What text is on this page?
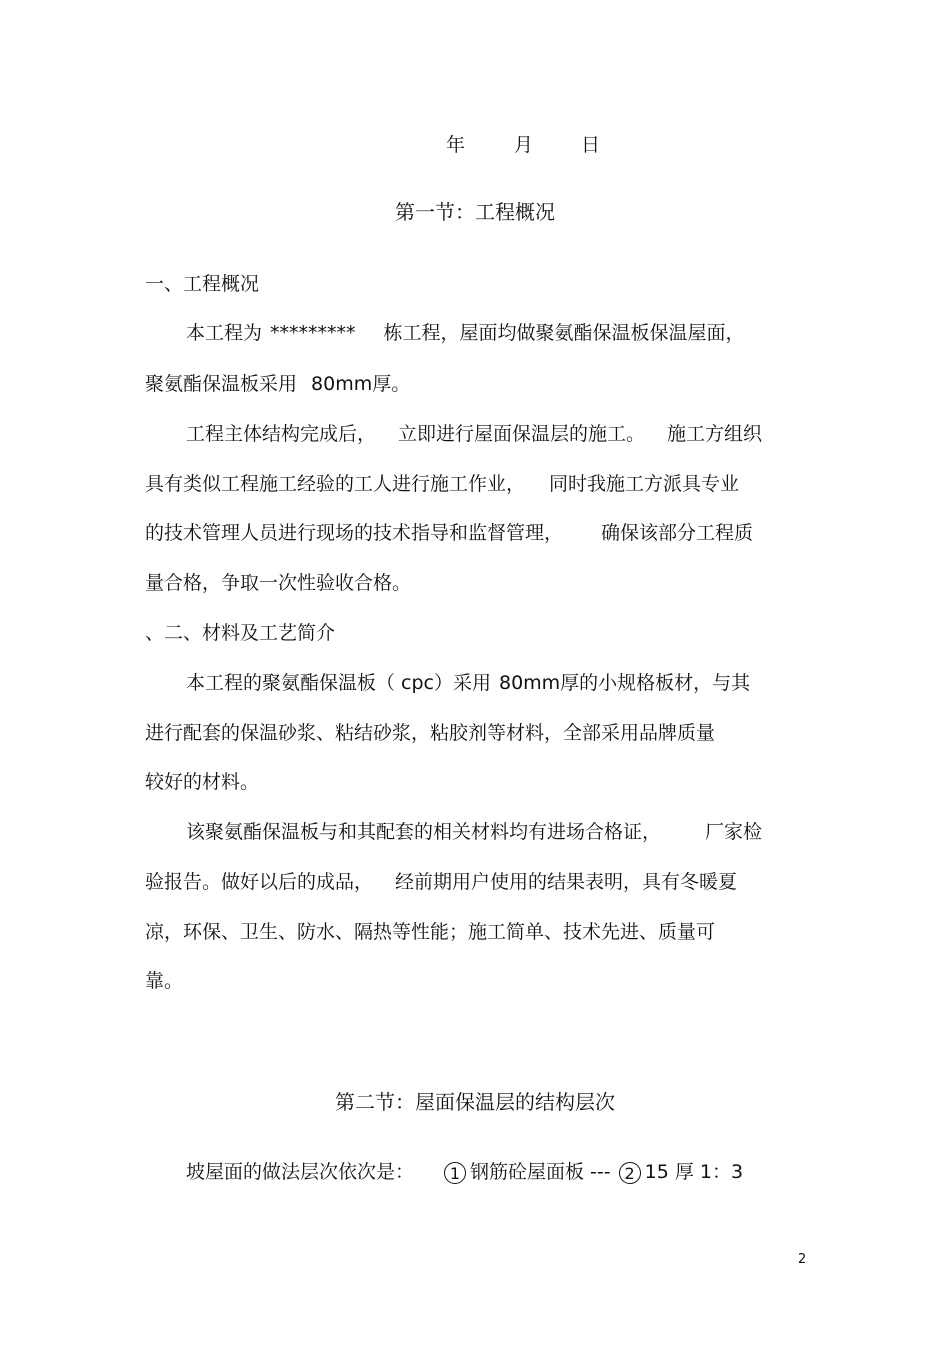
年	月	日
第一节：工程概况
一、工程概况
本工程为 ********* 栋工程，屋面均做聚氨酯保温板保温屋面，
聚氨酯保温板采用 80mm厚。
工程主体结构完成后， 立即进行屋面保温层的施工。 施工方组织
具有类似工程施工经验的工人进行施工作业， 同时我施工方派具专业
的技术管理人员进行现场的技术指导和监督管理， 确保该部分工程质
量合格，争取一次性验收合格。
、二、材料及工艺简介
本工程的聚氨酯保温板（ cpc）采用 80mm厚的小规格板材，与其
进行配套的保温砂浆、粘结砂浆，粘胶剂等材料，全部采用品牌质量
较好的材料。
该聚氨酯保温板与和其配套的相关材料均有进场合格证， 厂家检
验报告。做好以后的成品， 经前期用户使用的结果表明，具有冬暖夏
凉，环保、卫生、防水、隔热等性能；施工简单、技术先进、质量可
靠。
第二节：屋面保温层的结构层次
坡屋面的做法层次依次是： 1 钢筋砼屋面板 --- 2 15 厚 1：3
2
